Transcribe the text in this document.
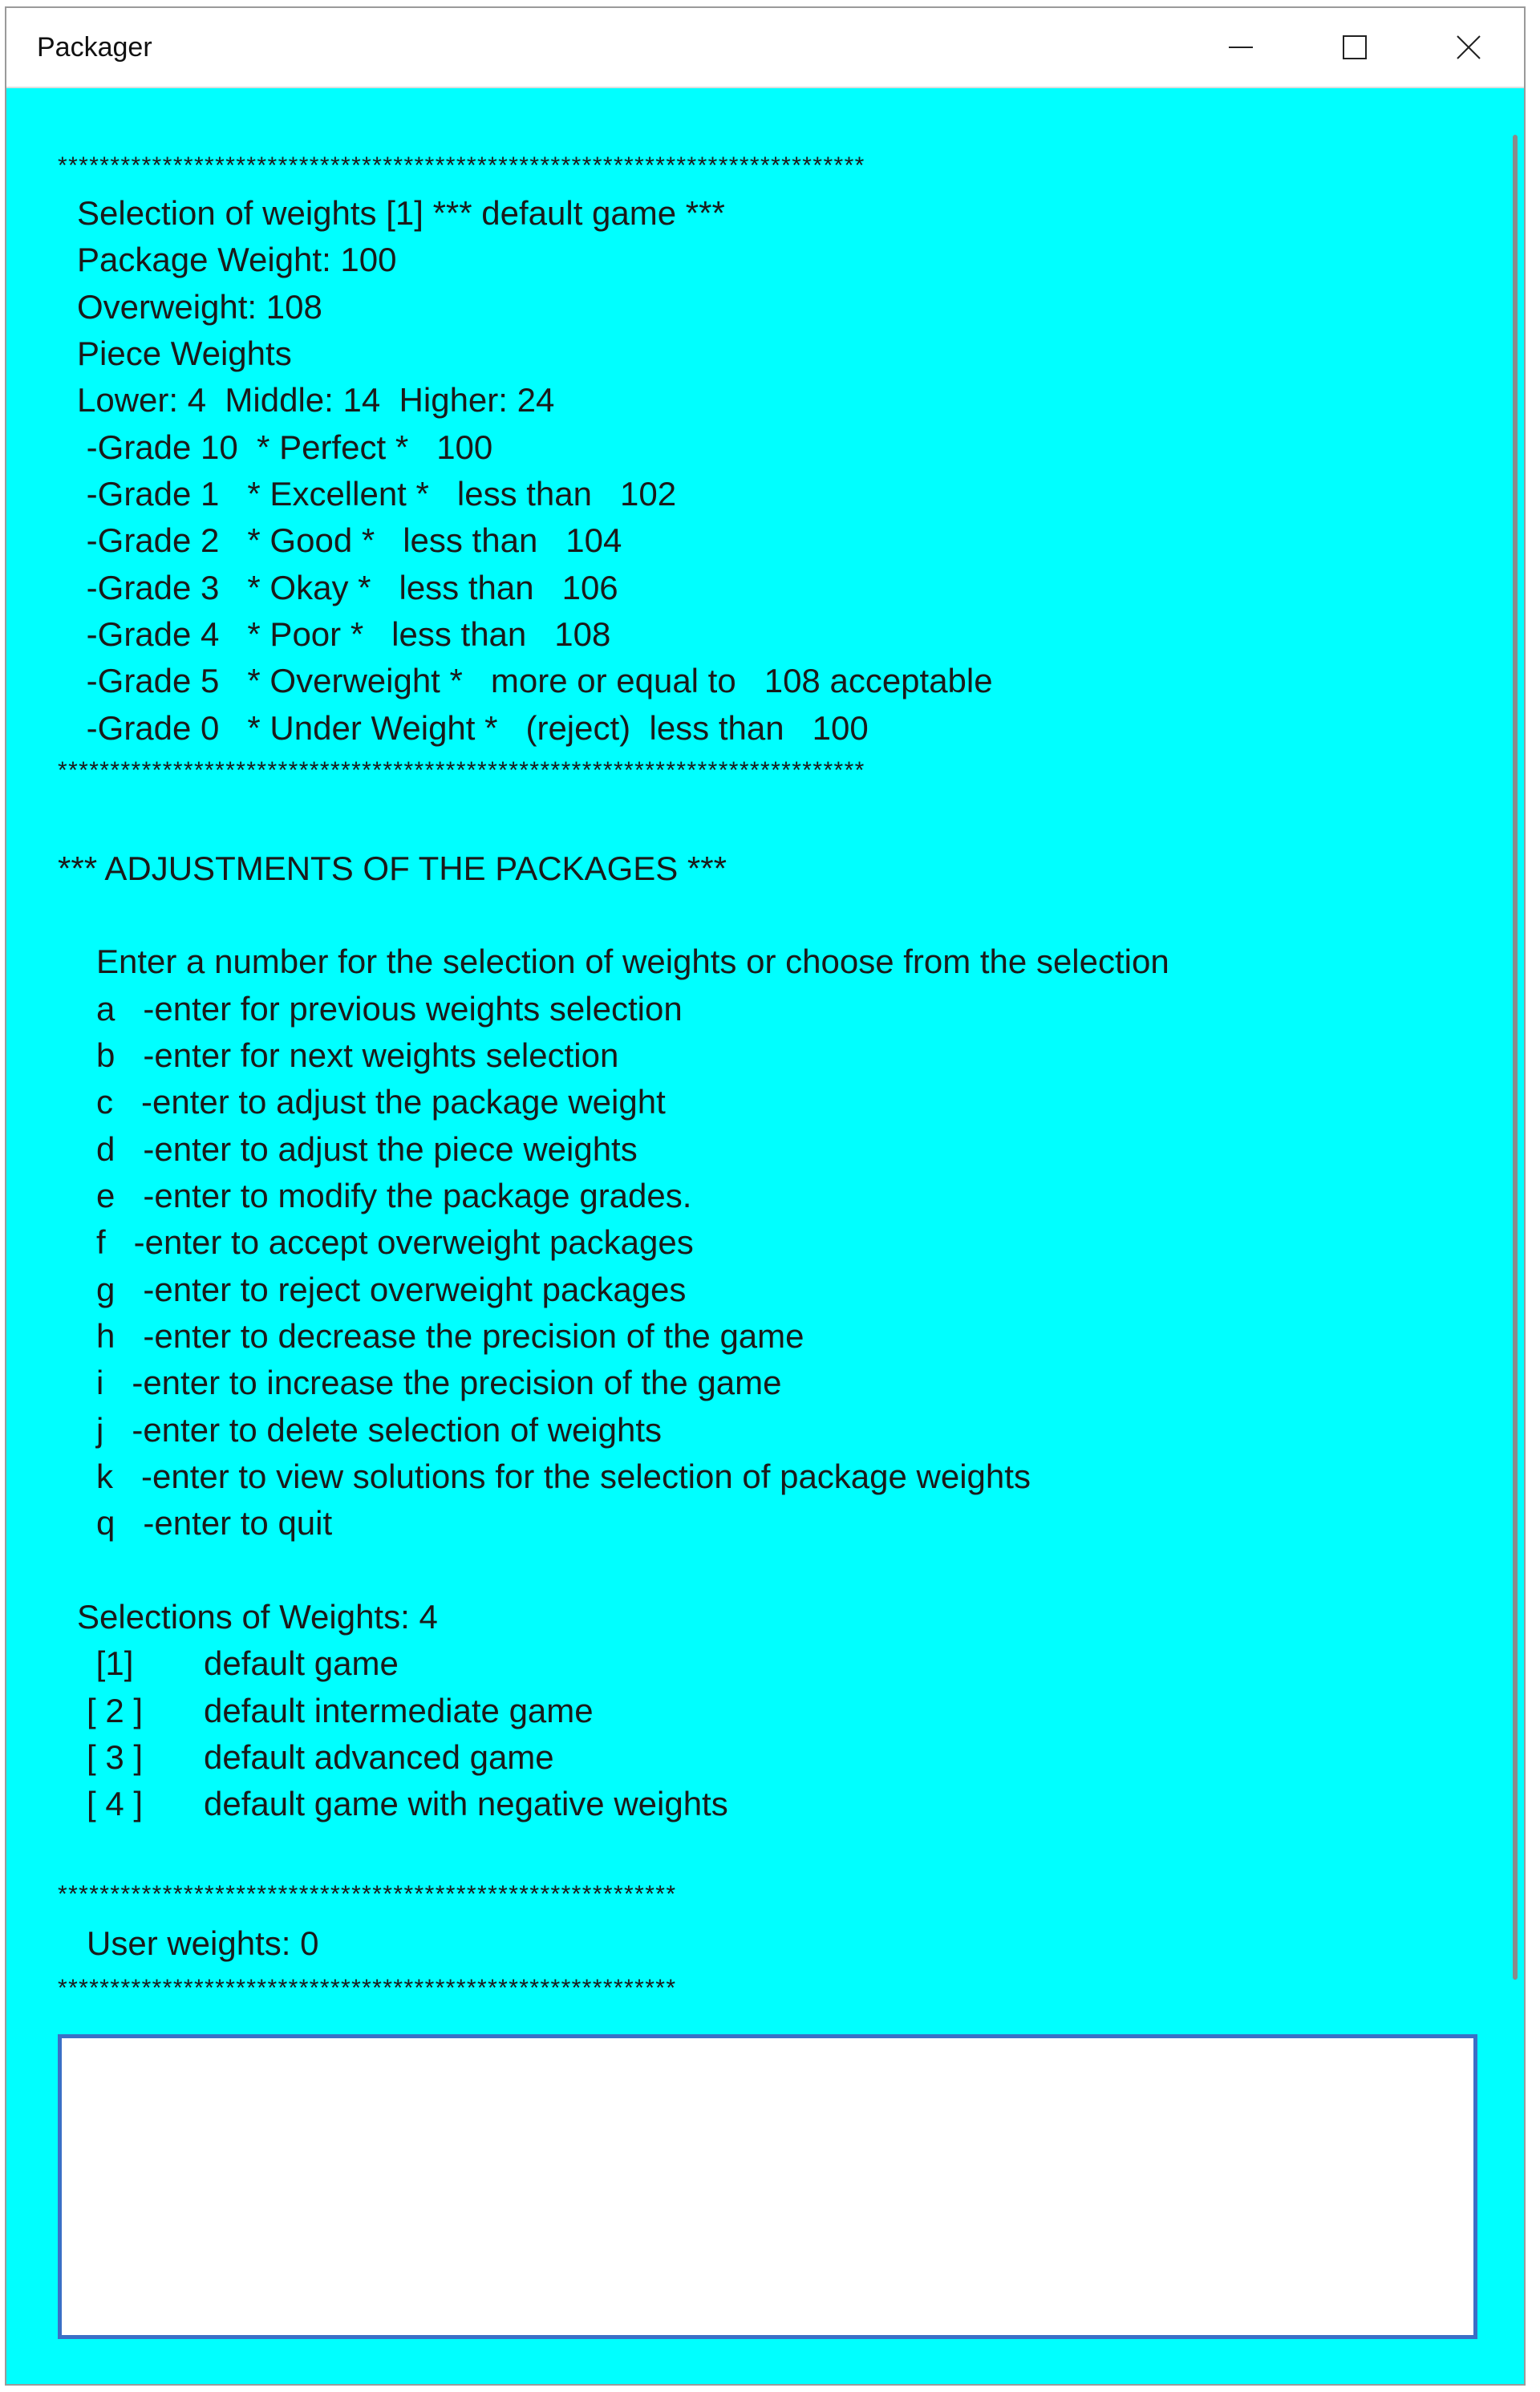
Packager
*****************************************************************************
Selection of weights [1] *** default game ***
Package Weight: 100
Overweight: 108
Piece Weights
Lower: 4  Middle: 14  Higher: 24
-Grade 10  * Perfect *   100
-Grade 1   * Excellent *   less than   102
-Grade 2   * Good *   less than   104
-Grade 3   * Okay *   less than   106
-Grade 4   * Poor *   less than   108
-Grade 5   * Overweight *   more or equal to   108 acceptable
-Grade 0   * Under Weight *   (reject)  less than   100
*****************************************************************************
*** ADJUSTMENTS OF THE PACKAGES ***
Enter a number for the selection of weights or choose from the selection
a   -enter for previous weights selection
b   -enter for next weights selection
c   -enter to adjust the package weight
d   -enter to adjust the piece weights
e   -enter to modify the package grades.
f   -enter to accept overweight packages
g   -enter to reject overweight packages
h   -enter to decrease the precision of the game
i   -enter to increase the precision of the game
j   -enter to delete selection of weights
k   -enter to view solutions for the selection of package weights
q   -enter to quit
Selections of Weights: 4
[1] default game
[ 2 ] default intermediate game
[ 3 ] default advanced game
[ 4 ] default game with negative weights
***********************************************************
User weights: 0
***********************************************************
